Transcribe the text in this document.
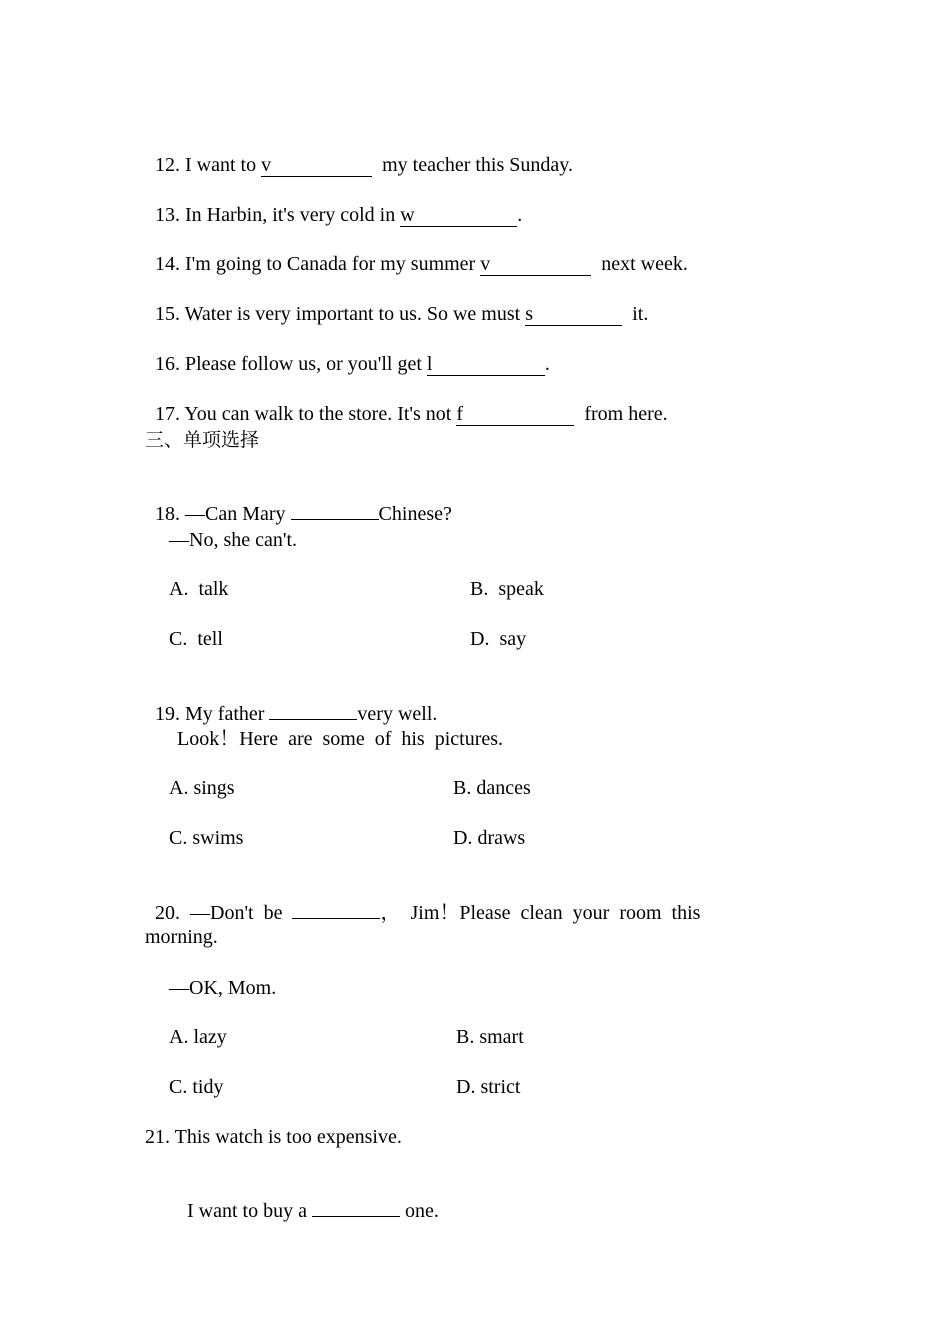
12. I want to v	my teacher this Sunday.

13. In Harbin, it's very cold in w	.

14. I'm going to Canada for my summer v	next week.

15. Water is very important to us. So we must s	it.

16. Please follow us, or you'll get l	.

17. You can walk to the store. It's not f	from here.

三、单项选择

18. —Can Mary	Chinese?

—No, she can't.
A.  talk	B.  speak
C.  tell	D.  say

19. My father	very well.

Look！Here  are  some  of  his  pictures.
A. sings	B. dances
C. swims	D. draws

20.  —Don't  be	，  Jim！Please  clean  your  room  this

morning.
—OK, Mom.
A. lazy	B. smart
C. tidy	D. strict
21. This watch is too expensive.

I want to buy a	one.
